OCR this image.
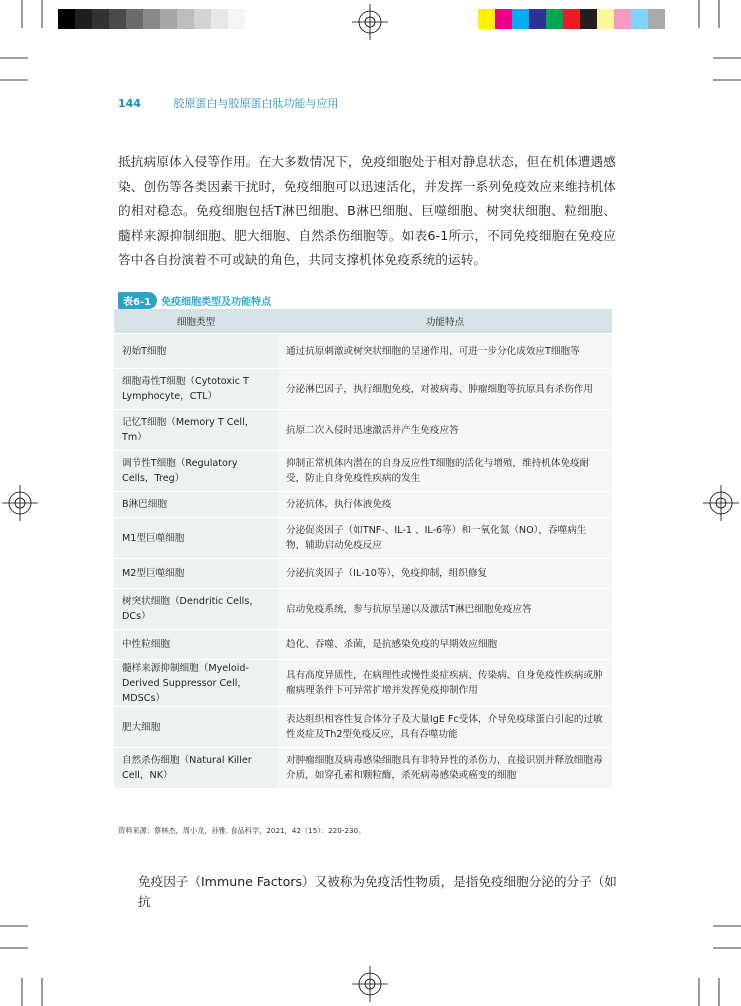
144	胶原蛋白与胶原蛋白肽功能与应用

抵抗病原体入侵等作用。在大多数情况下，免疫细胞处于相对静息状态，但在机体遭遇感染、创伤等各类因素干扰时，免疫细胞可以迅速活化，并发挥一系列免疫效应来维持机体的相对稳态。免疫细胞包括T淋巴细胞、B淋巴细胞、巨噬细胞、树突状细胞、粒细胞、髓样来源抑制细胞、肥大细胞、自然杀伤细胞等。如表6-1所示，不同免疫细胞在免疫应答中各自扮演着不可或缺的角色，共同支撑机体免疫系统的运转。

表6-1	免疫细胞类型及功能特点
细胞类型	功能特点
初始T细胞	通过抗原刺激或树突状细胞的呈递作用，可进一步分化成效应T细胞等
细胞毒性T细胞（Cytotoxic T Lymphocyte，CTL）	分泌淋巴因子，执行细胞免疫，对被病毒、肿瘤细胞等抗原具有杀伤作用
记忆T细胞（Memory T Cell，Tm）	抗原二次入侵时迅速激活并产生免疫应答
调节性T细胞（Regulatory Cells，Treg）	抑制正常机体内潜在的自身反应性T细胞的活化与增殖，维持机体免疫耐受，防止自身免疫性疾病的发生
B淋巴细胞	分泌抗体，执行体液免疫
M1型巨噬细胞	分泌促炎因子（如TNF-、IL-1 、IL-6等）和一氧化氮（NO），吞噬病生物，辅助启动免疫反应
M2型巨噬细胞	分泌抗炎因子（IL-10等），免疫抑制，组织修复
树突状细胞（Dendritic Cells，DCs）	启动免疫系统，参与抗原呈递以及激活T淋巴细胞免疫应答
中性粒细胞	趋化、吞噬、杀菌，是抗感染免疫的早期效应细胞
髓样来源抑制细胞（Myeloid-Derived Suppressor Cell，MDSCs）	具有高度异质性，在病理性或慢性炎症疾病、传染病、自身免疫性疾病或肿瘤病理条件下可异常扩增并发挥免疫抑制作用
肥大细胞	表达组织相容性复合体分子及大量IgE Fc受体，介导免疫球蛋白引起的过敏性炎症及Th2型免疫反应，具有吞噬功能
自然杀伤细胞（Natural Killer Cell，NK）	对肿瘤细胞及病毒感染细胞具有非特异性的杀伤力，直接识别并释放细胞毒介质，如穿孔素和颗粒酶，杀死病毒感染或癌变的细胞
资料来源：蔡林杰，周小龙，孙雅. 食品科学，2021，42（15）：220-230。

免疫因子（Immune Factors）又被称为免疫活性物质，是指免疫细胞分泌的分子（如抗
